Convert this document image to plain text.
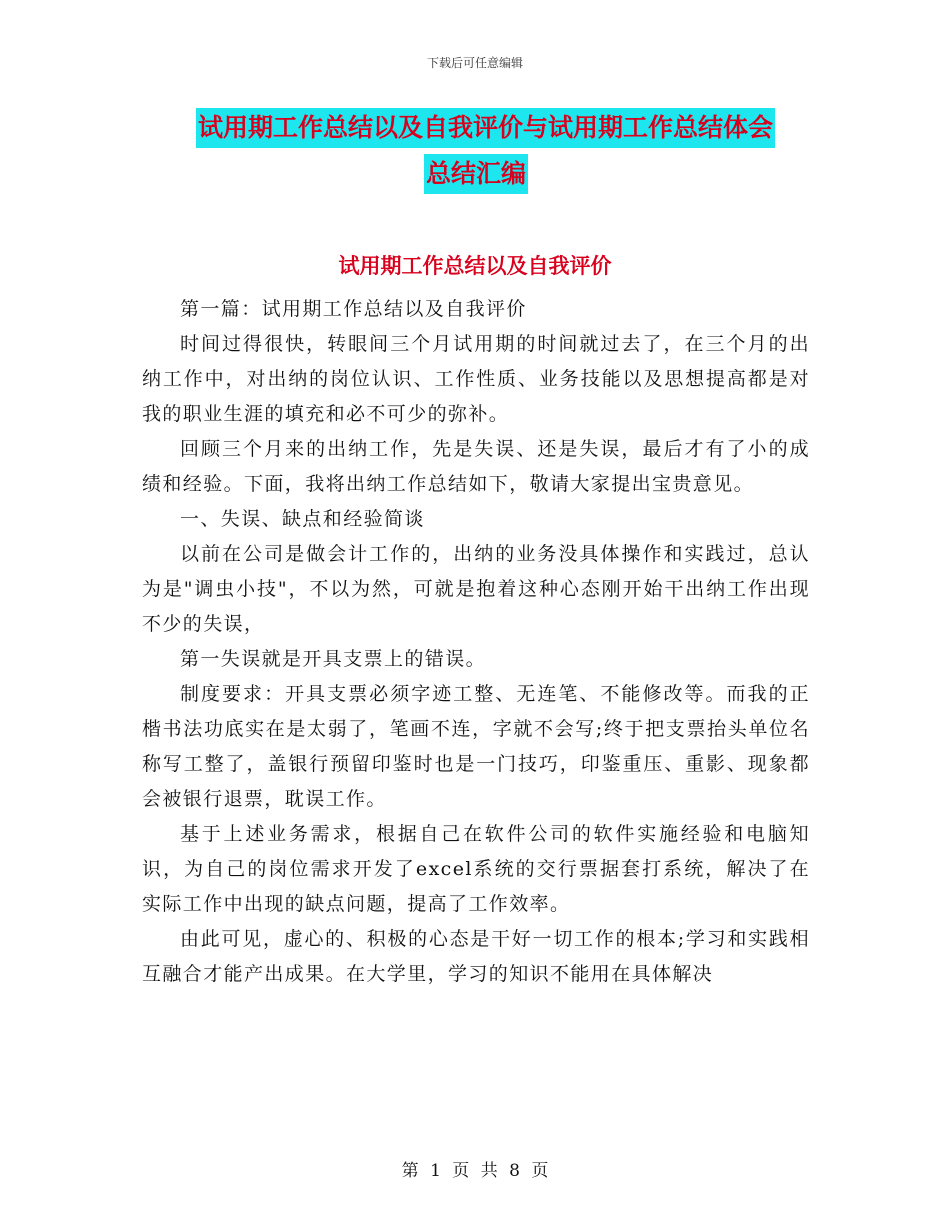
下载后可任意编辑
试用期工作总结以及自我评价与试用期工作总结体会
总结汇编
试用期工作总结以及自我评价

第一篇：试用期工作总结以及自我评价

时间过得很快，转眼间三个月试用期的时间就过去了，在三个月的出纳工作中，对出纳的岗位认识、工作性质、业务技能以及思想提高都是对我的职业生涯的填充和必不可少的弥补。

回顾三个月来的出纳工作，先是失误、还是失误，最后才有了小的成绩和经验。下面，我将出纳工作总结如下，敬请大家提出宝贵意见。

一、失误、缺点和经验简谈

以前在公司是做会计工作的，出纳的业务没具体操作和实践过，总认为是"调虫小技"，不以为然，可就是抱着这种心态刚开始干出纳工作出现不少的失误，

第一失误就是开具支票上的错误。

制度要求：开具支票必须字迹工整、无连笔、不能修改等。而我的正楷书法功底实在是太弱了，笔画不连，字就不会写;终于把支票抬头单位名称写工整了，盖银行预留印鉴时也是一门技巧，印鉴重压、重影、现象都会被银行退票，耽误工作。

基于上述业务需求，根据自己在软件公司的软件实施经验和电脑知识，为自己的岗位需求开发了excel系统的交行票据套打系统，解决了在实际工作中出现的缺点问题，提高了工作效率。

由此可见，虚心的、积极的心态是干好一切工作的根本;学习和实践相互融合才能产出成果。在大学里，学习的知识不能用在具体解决

第 1 页 共 8 页
